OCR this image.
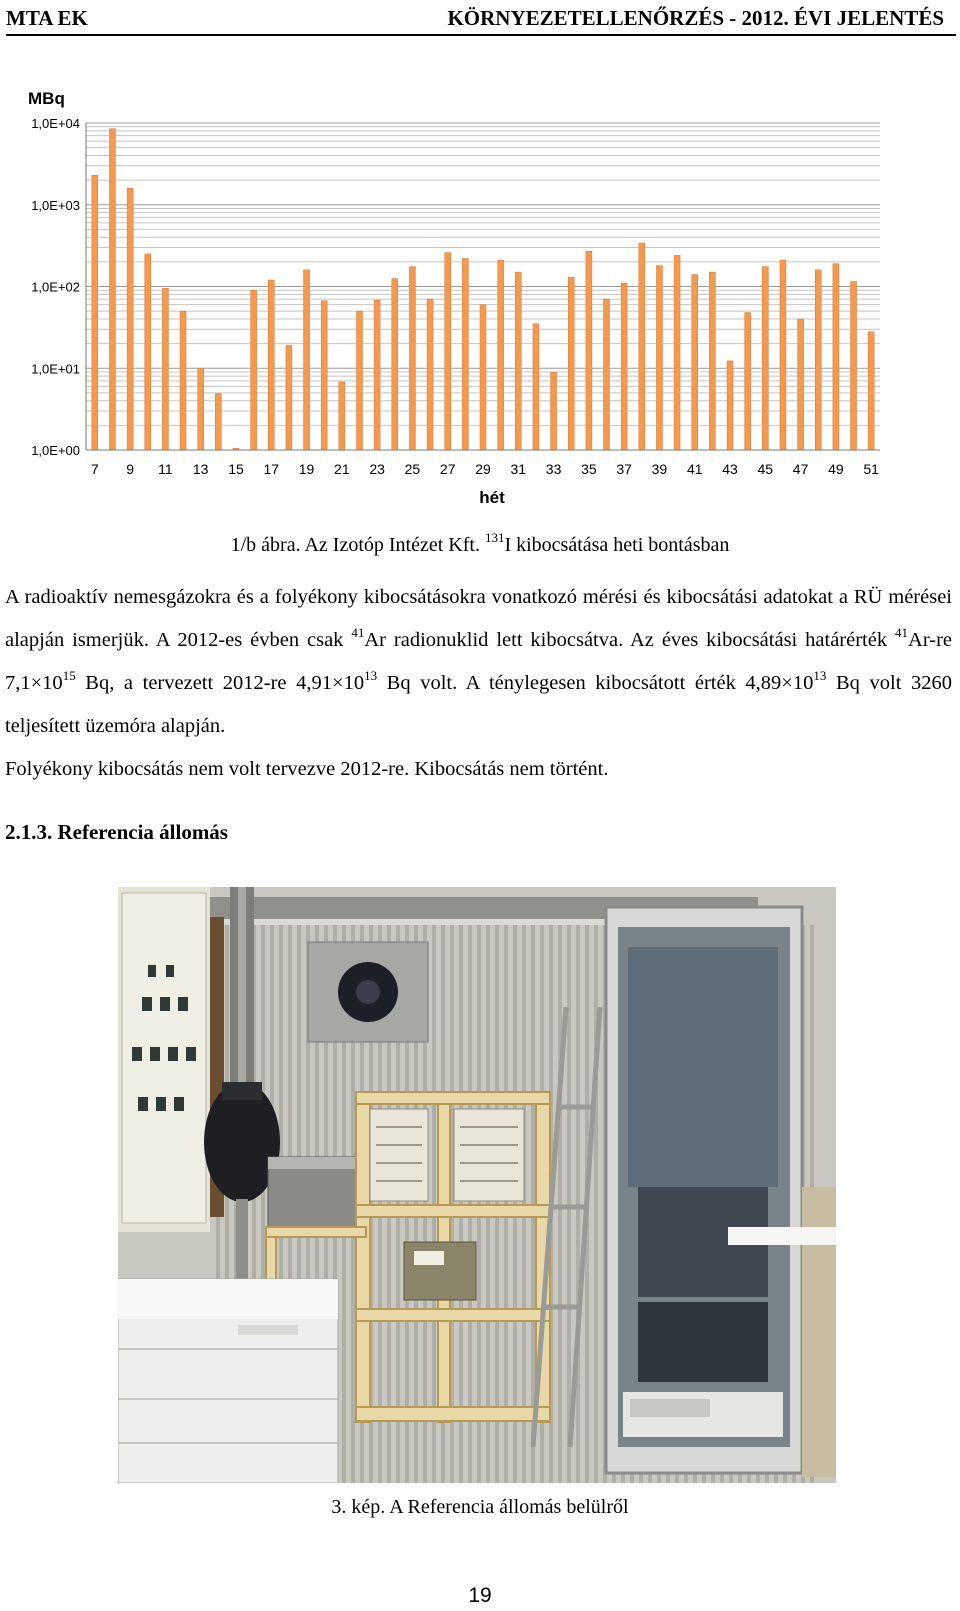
MTA EK	KÖRNYEZETELLENŐRZÉS - 2012. ÉVI JELENTÉS
1,0E+00
1,0E+01
1,0E+02
1,0E+03
1,0E+04
7 9 11 13 15 17 19 21 23 25 27 29 31 33 35 37 39 41 43 45 47 49 51
MBq
hét
1/b ábra. Az Izotóp Intézet Kft. $^{131}$I kibocsátása heti bontásban

A radioaktív nemesgázokra és a folyékony kibocsátásokra vonatkozó mérési és kibocsátási adatokat a RÜ mérései alapján ismerjük. A 2012-es évben csak $^{41}$Ar radionuklid lett kibocsátva. Az éves kibocsátási határérték $^{41}$Ar-re $7,1\times 10^{15}$ Bq, a tervezett 2012-re $4,91\times 10^{13}$ Bq volt. A ténylegesen kibocsátott érték $4,89\times 10^{13}$ Bq volt 3260 teljesített üzemóra alapján.

Folyékony kibocsátás nem volt tervezve 2012-re. Kibocsátás nem történt.

2.1.3. Referencia állomás
3. kép. A Referencia állomás belülről
19
